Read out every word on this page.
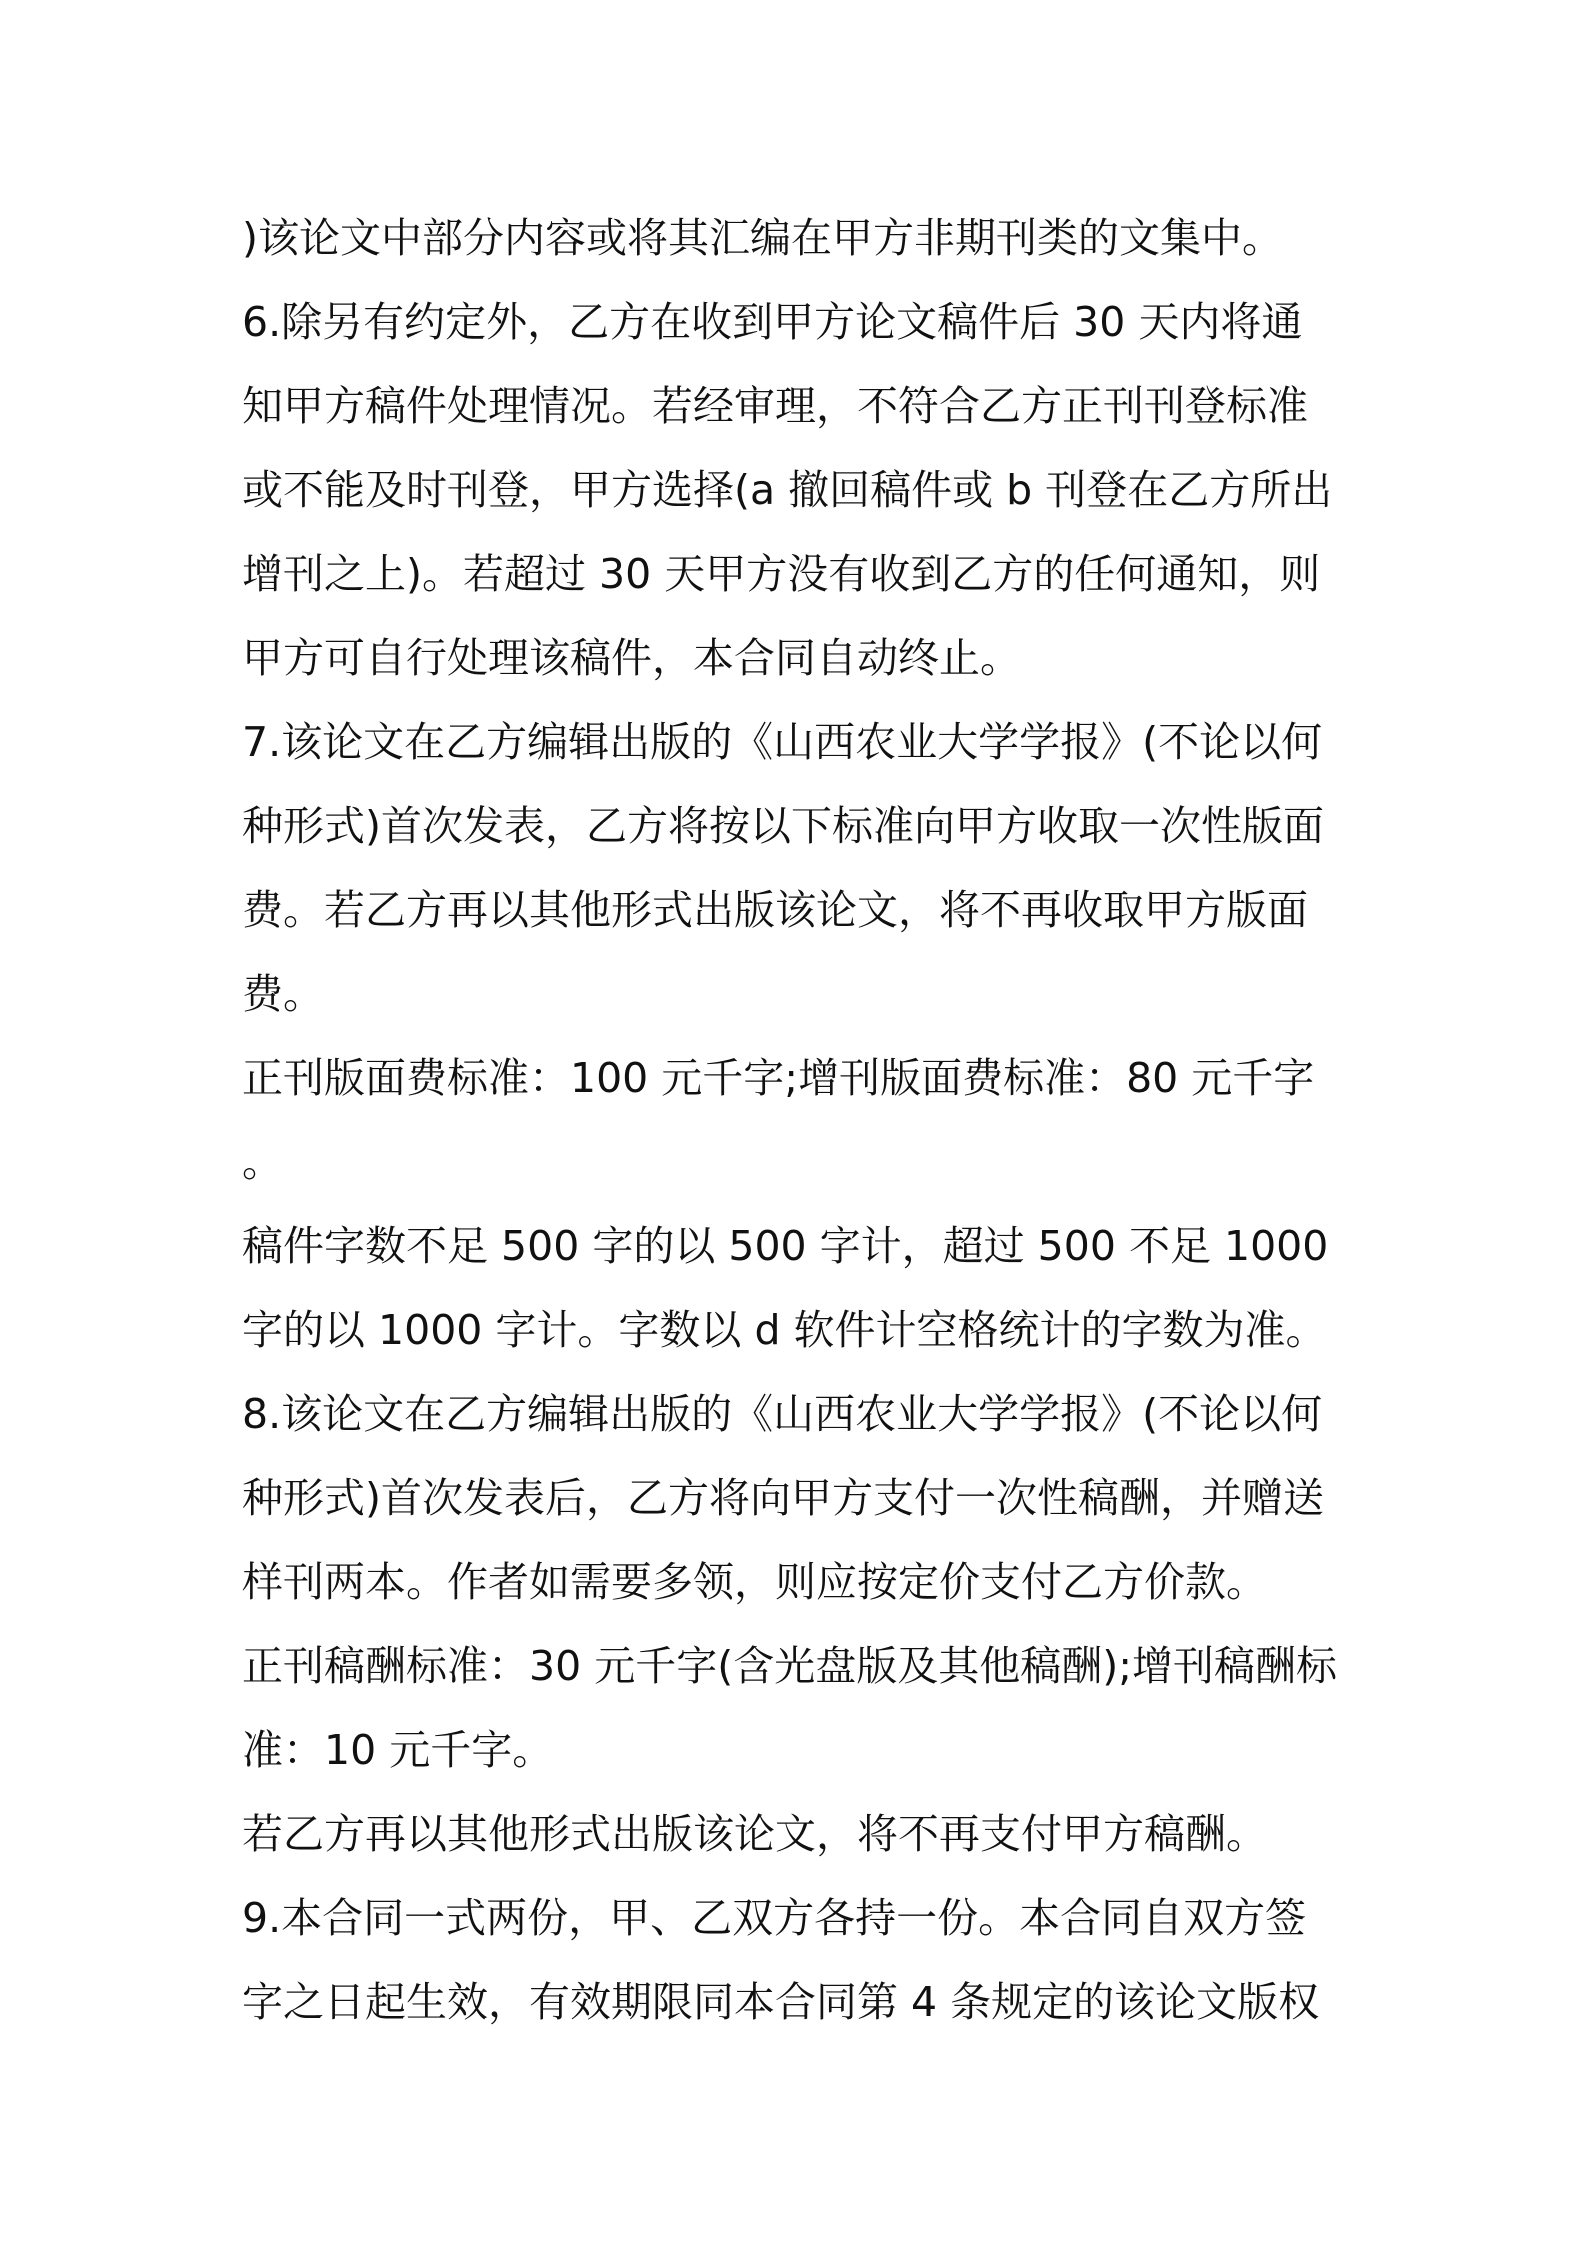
)该论文中部分内容或将其汇编在甲方非期刊类的文集中。
6.除另有约定外，乙方在收到甲方论文稿件后 30 天内将通
知甲方稿件处理情况。若经审理，不符合乙方正刊刊登标准
或不能及时刊登，甲方选择(a 撤回稿件或 b 刊登在乙方所出
增刊之上)。若超过 30 天甲方没有收到乙方的任何通知，则
甲方可自行处理该稿件，本合同自动终止。
7.该论文在乙方编辑出版的《山西农业大学学报》(不论以何
种形式)首次发表，乙方将按以下标准向甲方收取一次性版面
费。若乙方再以其他形式出版该论文，将不再收取甲方版面
费。
正刊版面费标准：100 元千字;增刊版面费标准：80 元千字
。
稿件字数不足 500 字的以 500 字计，超过 500 不足 1000
字的以 1000 字计。字数以 d 软件计空格统计的字数为准。
8.该论文在乙方编辑出版的《山西农业大学学报》(不论以何
种形式)首次发表后，乙方将向甲方支付一次性稿酬，并赠送
样刊两本。作者如需要多领，则应按定价支付乙方价款。
正刊稿酬标准：30 元千字(含光盘版及其他稿酬);增刊稿酬标
准：10 元千字。
若乙方再以其他形式出版该论文，将不再支付甲方稿酬。
9.本合同一式两份，甲、乙双方各持一份。本合同自双方签
字之日起生效，有效期限同本合同第 4 条规定的该论文版权
